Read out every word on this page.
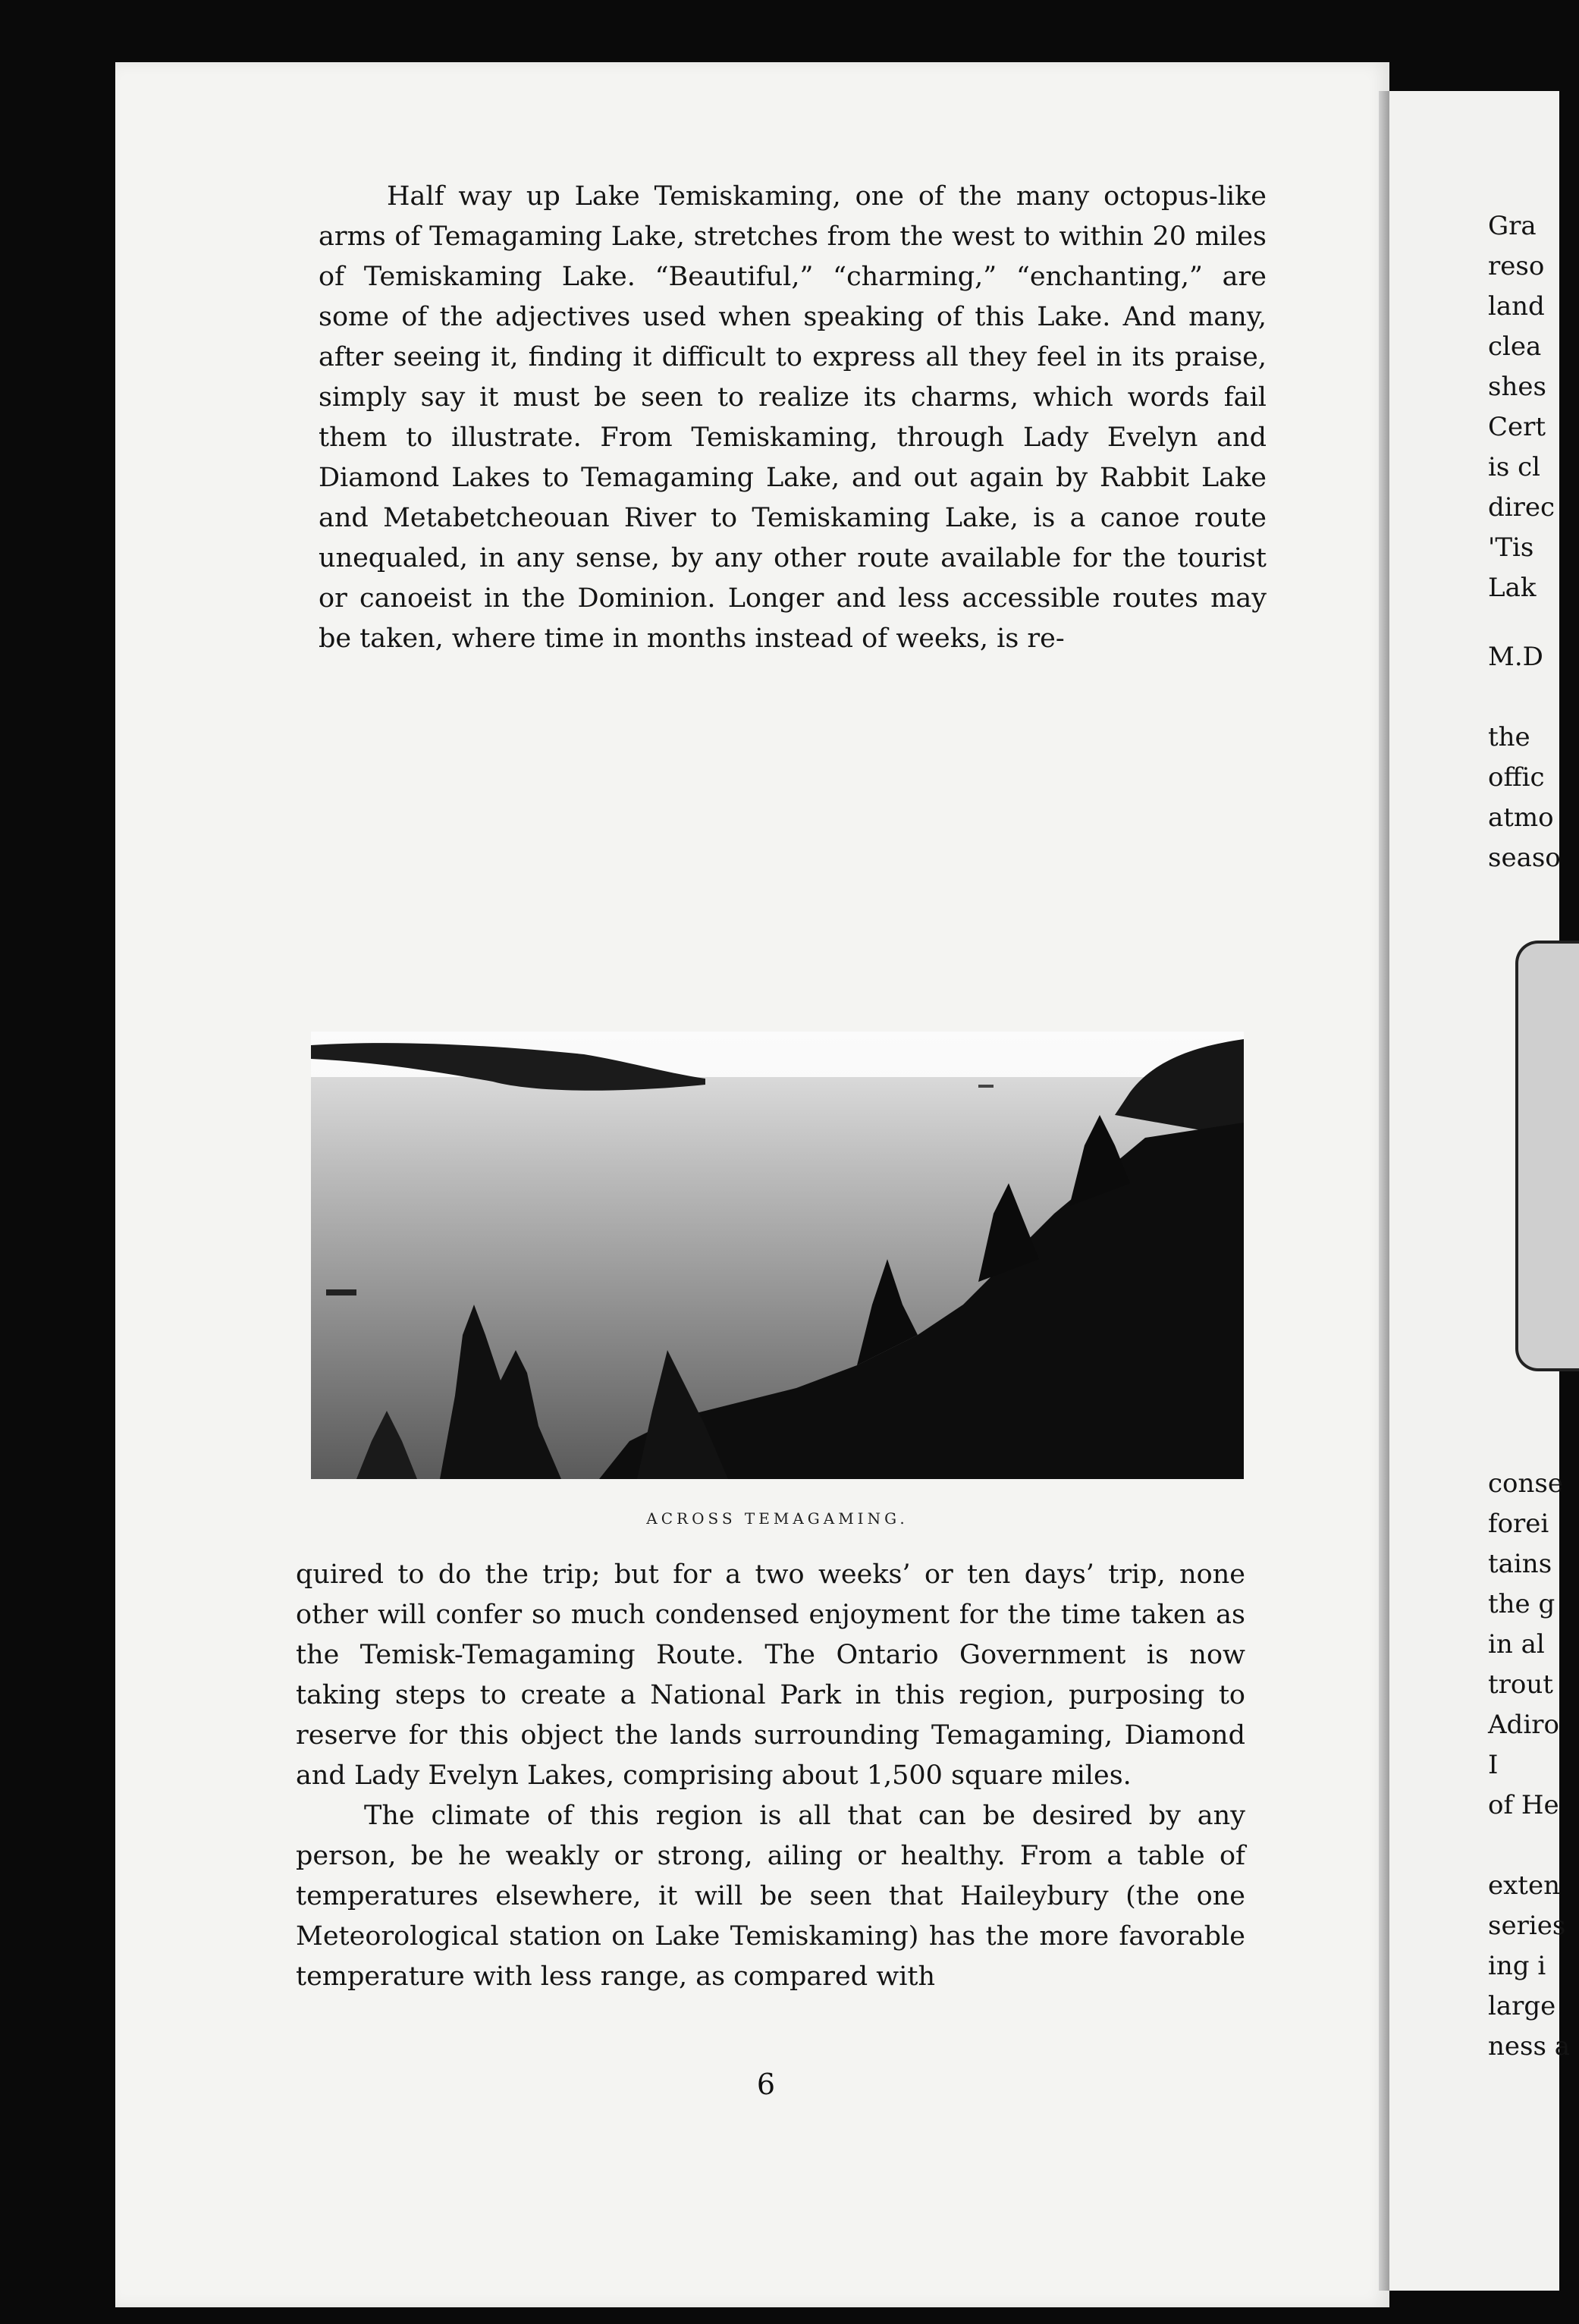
Half way up Lake Temiskaming, one of the many octopus-like arms of Temagaming Lake, stretches from the west to within 20 miles of Temiskaming Lake. “Beautiful,” “charming,” “enchanting,” are some of the adjectives used when speaking of this Lake. And many, after seeing it, finding it difficult to express all they feel in its praise, simply say it must be seen to realize its charms, which words fail them to illustrate. From Temiskaming, through Lady Evelyn and Diamond Lakes to Temagaming Lake, and out again by Rabbit Lake and Metabetcheouan River to Temiskaming Lake, is a canoe route unequaled, in any sense, by any other route available for the tourist or canoeist in the Dominion. Longer and less accessible routes may be taken, where time in months instead of weeks, is re-

ACROSS TEMAGAMING.

quired to do the trip; but for a two weeks’ or ten days’ trip, none other will confer so much condensed enjoyment for the time taken as the Temisk-Temagaming Route. The Ontario Government is now taking steps to create a National Park in this region, purposing to reserve for this object the lands surrounding Temagaming, Diamond and Lady Evelyn Lakes, comprising about 1,500 square miles.

The climate of this region is all that can be desired by any person, be he weakly or strong, ailing or healthy. From a table of temperatures elsewhere, it will be seen that Haileybury (the one Meteorological station on Lake Temiskaming) has the more favorable temperature with less range, as compared with

6
Gra
reso
land
clea
shes
Cert
is cl
direc
'Tis
Lak
M.D

the
offic
atmo
seaso
conse
forei
tains
the g
in al
trout
Adiro
I
of He

exten
series
ing i
large
ness a
